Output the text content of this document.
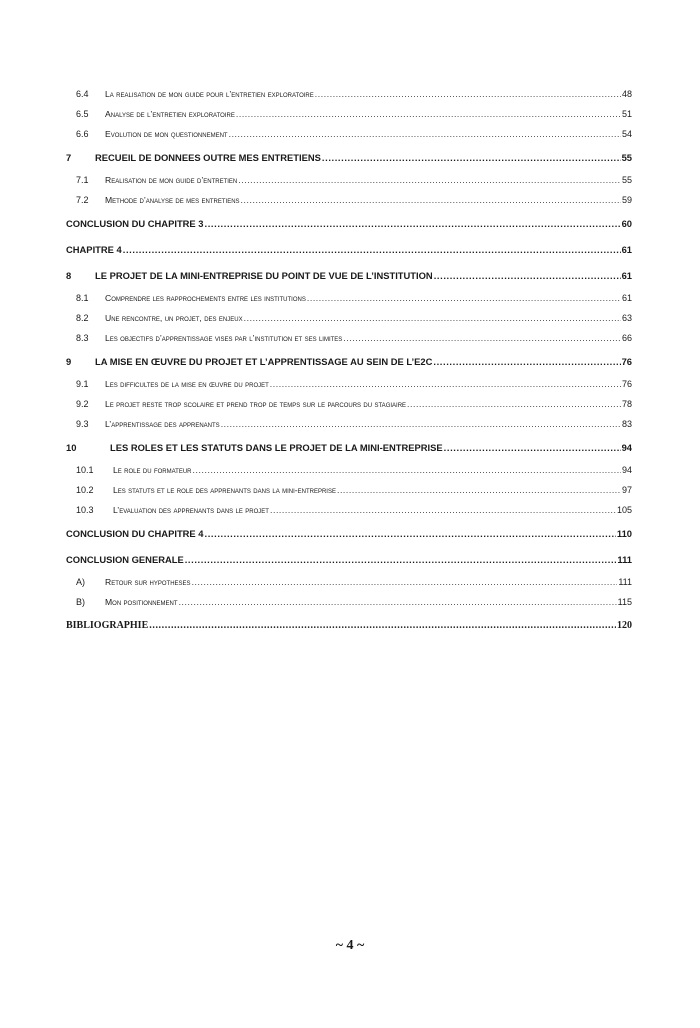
6.4	La realisation de mon guide pour l’entretien exploratoire .....	48
6.5	Analyse de l’entretien exploratoire .....	51
6.6	Evolution de mon questionnement .....	54
7	RECUEIL DE DONNEES OUTRE MES ENTRETIENS .....	55
7.1	Realisation de mon guide d’entretien .....	55
7.2	Methode d’analyse de mes entretiens .....	59
CONCLUSION DU CHAPITRE 3 .....	60
CHAPITRE 4 .....	61
8	LE PROJET DE LA MINI-ENTREPRISE DU POINT DE VUE DE L’INSTITUTION .....	61
8.1	Comprendre les rapprochements entre les institutions .....	61
8.2	Une rencontre, un projet, des enjeux .....	63
8.3	Les objectifs d’apprentissage vises par l’institution et ses limites .....	66
9	LA MISE EN ŒUVRE DU PROJET ET L’APPRENTISSAGE AU SEIN DE L’E2C .....	76
9.1	Les difficultes de la mise en œuvre du projet .....	76
9.2	Le projet reste trop scolaire et prend trop de temps sur le parcours du stagiaire .....	78
9.3	L’apprentissage des apprenants .....	83
10	LES ROLES ET LES STATUTS DANS LE PROJET DE LA MINI-ENTREPRISE .....	94
10.1	Le role du formateur .....	94
10.2	Les statuts et le role des apprenants dans la mini-entreprise .....	97
10.3	L’evaluation des apprenants dans le projet .....	105
CONCLUSION DU CHAPITRE 4 .....	110
CONCLUSION GENERALE .....	111
A)	Retour sur hypotheses .....	111
B)	Mon positionnement .....	115
BIBLIOGRAPHIE .....	120
~ 4 ~
